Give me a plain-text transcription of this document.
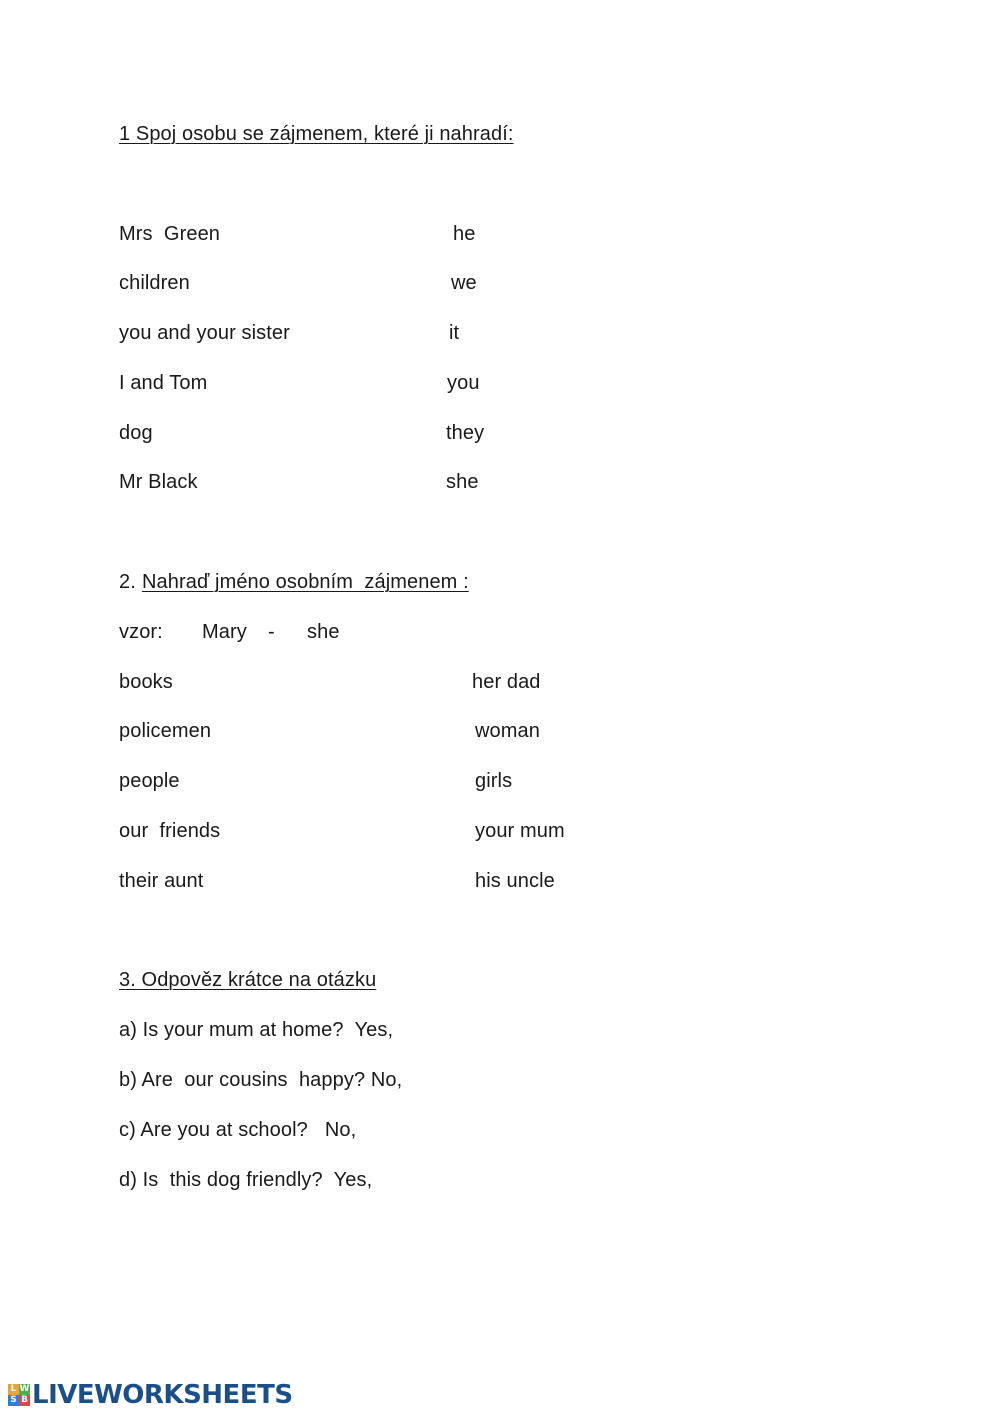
1 Spoj osobu se zájmenem, které ji nahradí:
Mrs  Green
children
you and your sister
I and Tom
dog
Mr Black
he
we
it
you
they
she
2. Nahraď jméno osobním  zájmenem :
vzor: Mary - she
books
policemen
people
our  friends
their aunt
her dad
woman
girls
your mum
his uncle
3. Odpověz krátce na otázku
a) Is your mum at home?  Yes,
b) Are  our cousins  happy? No,
c) Are you at school?   No,
d) Is  this dog friendly?  Yes,
L W
S B LIVEWORKSHEETS
